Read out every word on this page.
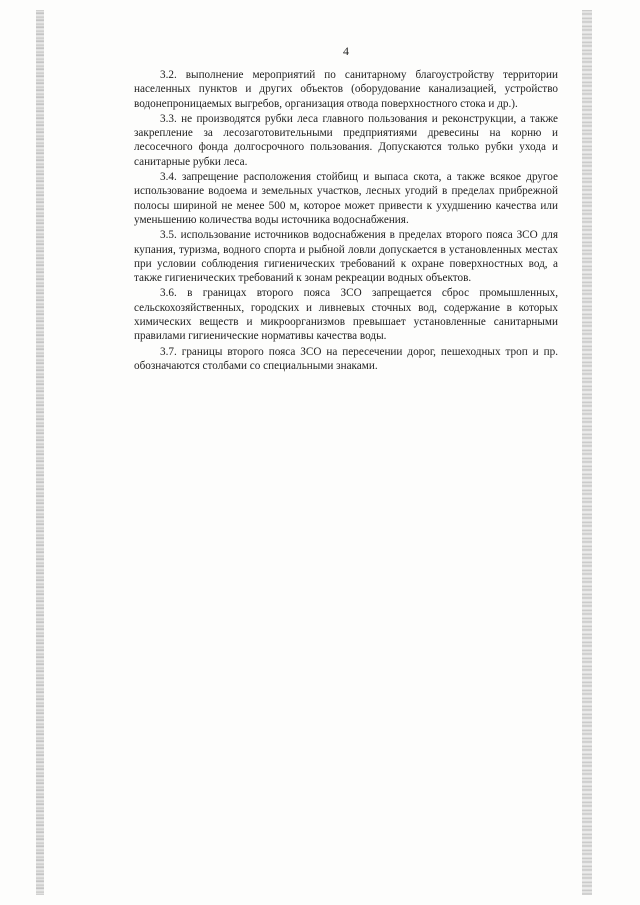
4

3.2. выполнение мероприятий по санитарному благоустройству территории населенных пунктов и других объектов (оборудование канализацией, устройство водонепроницаемых выгребов, организация отвода поверхностного стока и др.).

3.3. не производятся рубки леса главного пользования и реконструкции, а также закрепление за лесозаготовительными предприятиями древесины на корню и лесосечного фонда долгосрочного пользования. Допускаются только рубки ухода и санитарные рубки леса.

3.4. запрещение расположения стойбищ и выпаса скота, а также всякое другое использование водоема и земельных участков, лесных угодий в пределах прибрежной полосы шириной не менее 500 м, которое может привести к ухудшению качества или уменьшению количества воды источника водоснабжения.

3.5. использование источников водоснабжения в пределах второго пояса ЗСО для купания, туризма, водного спорта и рыбной ловли допускается в установленных местах при условии соблюдения гигиенических требований к охране поверхностных вод, а также гигиенических требований к зонам рекреации водных объектов.

3.6. в границах второго пояса ЗСО запрещается сброс промышленных, сельскохозяйственных, городских и ливневых сточных вод, содержание в которых химических веществ и микроорганизмов превышает установленные санитарными правилами гигиенические нормативы качества воды.

3.7. границы второго пояса ЗСО на пересечении дорог, пешеходных троп и пр. обозначаются столбами со специальными знаками.
